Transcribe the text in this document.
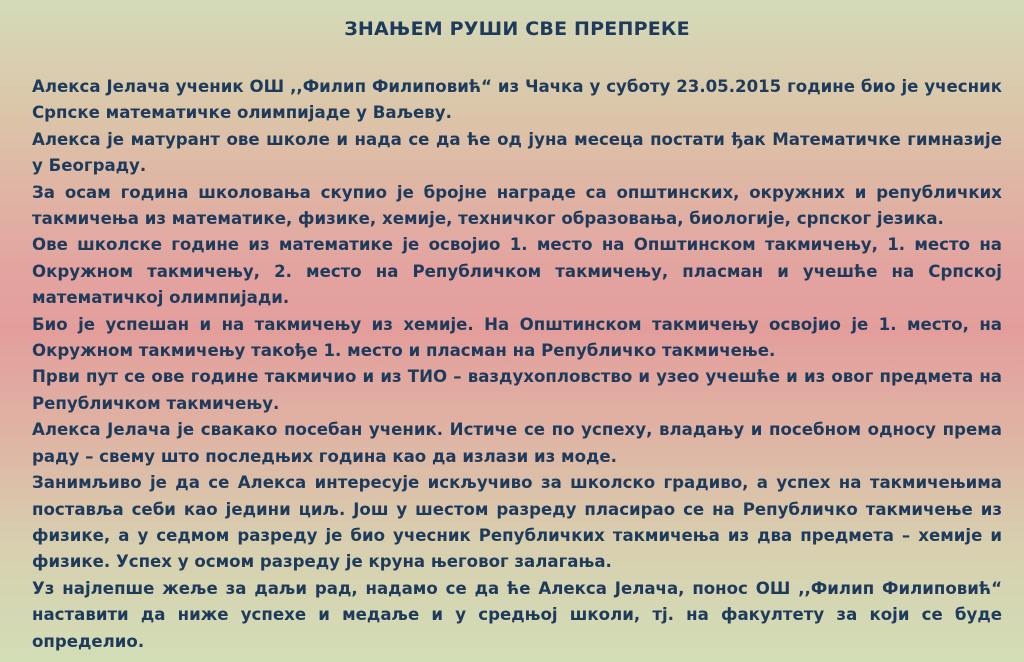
ЗНАЊЕМ РУШИ СВЕ ПРЕПРЕКЕ

Алекса Јелача ученик ОШ ,,Филип Филиповић“ из Чачка у суботу 23.05.2015 године био је учесник Српске математичке олимпијаде у Ваљеву.

Алекса је матурант ове школе и нада се да ће од јуна месеца постати ђак Математичке гимназије у Београду.

За осам година школовања скупио је бројне награде са општинских, окружних и републичких такмичења из математике, физике, хемије, техничког образовања, биологије, српског језика.

Ове школске године из математике је освојио 1. место на Општинском такмичењу, 1. место на Окружном такмичењу, 2. место на Републичком такмичењу, пласман и учешће на Српској математичкој олимпијади.

Био је успешан и на такмичењу из хемије. На Општинском такмичењу освојио је 1. место, на Окружном такмичењу такође 1. место и пласман на Републичко такмичење.

Први пут се ове године такмичио и из ТИО – ваздухопловство и узео учешће и из овог предмета на Републичком такмичењу.

Алекса Јелача је свакако посебан ученик. Истиче се по успеху, владању и посебном односу према раду – свему што последњих година као да излази из моде.

Занимљиво је да се Алекса интересује искључиво за школско градиво, а успех на такмичењима поставља себи као једини циљ. Још у шестом разреду пласирао се на Републичко такмичење из физике, а у седмом разреду је био учесник Републичких такмичења из два предмета – хемије и физике. Успех у осмом разреду је круна његовог залагања.

Уз најлепше жеље за даљи рад, надамо се да ће Алекса Јелача, понос ОШ ,,Филип Филиповић“ наставити да ниже успехе и медаље и у средњој школи, тј. на факултету за који се буде определио.
